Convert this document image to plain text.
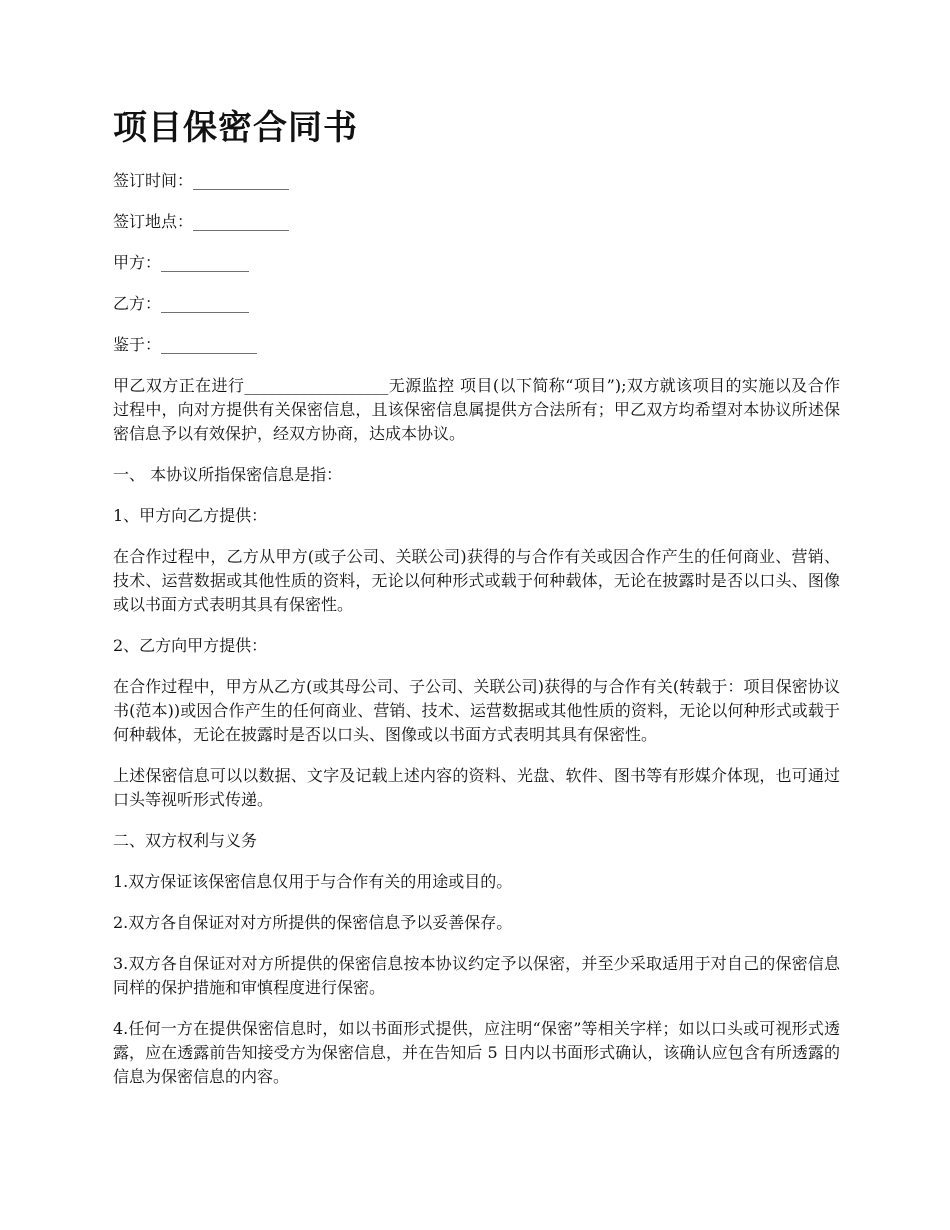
项目保密合同书
签订时间：____________
签订地点：____________
甲方：___________
乙方：___________
鉴于：____________

甲乙双方正在进行__________________无源监控 项目(以下简称“项目”);双方就该项目的实施以及合作过程中，向对方提供有关保密信息，且该保密信息属提供方合法所有；甲乙双方均希望对本协议所述保密信息予以有效保护，经双方协商，达成本协议。

一、 本协议所指保密信息是指：

1、甲方向乙方提供：

在合作过程中，乙方从甲方(或子公司、关联公司)获得的与合作有关或因合作产生的任何商业、营销、技术、运营数据或其他性质的资料，无论以何种形式或载于何种载体，无论在披露时是否以口头、图像或以书面方式表明其具有保密性。

2、乙方向甲方提供：

在合作过程中，甲方从乙方(或其母公司、子公司、关联公司)获得的与合作有关(转载于：项目保密协议书(范本))或因合作产生的任何商业、营销、技术、运营数据或其他性质的资料，无论以何种形式或载于何种载体，无论在披露时是否以口头、图像或以书面方式表明其具有保密性。

上述保密信息可以以数据、文字及记载上述内容的资料、光盘、软件、图书等有形媒介体现，也可通过口头等视听形式传递。

二、双方权利与义务

1.双方保证该保密信息仅用于与合作有关的用途或目的。

2.双方各自保证对对方所提供的保密信息予以妥善保存。

3.双方各自保证对对方所提供的保密信息按本协议约定予以保密，并至少采取适用于对自己的保密信息同样的保护措施和审慎程度进行保密。

4.任何一方在提供保密信息时，如以书面形式提供，应注明“保密”等相关字样；如以口头或可视形式透露，应在透露前告知接受方为保密信息，并在告知后 5 日内以书面形式确认，该确认应包含有所透露的信息为保密信息的内容。
